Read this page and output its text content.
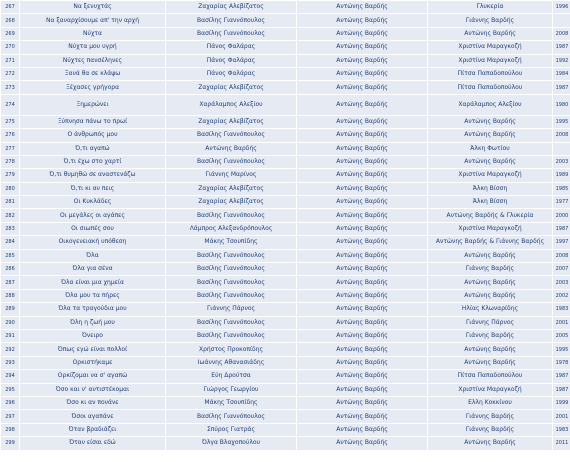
267	Να ξενυχτάς	Ζαχαρίας Αλεβίζατος	Αντώνης Βαρδής	Γλυκερία	1996
268	Να ξαναρχίσουμε απ' την αρχή	Βασίλης Γιαννόπουλος	Αντώνης Βαρδής	Γιάννης Βαρδής	
269	Νύχτα	Βασίλης Γιαννόπουλος	Αντώνης Βαρδής	Αντώνης Βαρδής	2008
270	Νύχτα μου υγρή	Πάνος Φαλάρας	Αντώνης Βαρδής	Χριστίνα Μαραγκοζή	1987
271	Νύχτες πανσέληνες	Πάνος Φαλάρας	Αντώνης Βαρδής	Χριστίνα Μαραγκοζή	1992
272	Ξανά θα σε κλάψω	Πάνος Φαλάρας	Αντώνης Βαρδής	Πίτσα Παπαδοπούλου	1984
273	Ξέχασες γρήγορα	Ζαχαρίας Αλεβίζατος	Αντώνης Βαρδής	Πίτσα Παπαδοπούλου	1987
274	Ξημερώνει	Χαράλαμπος Αλεξίου	Αντώνης Βαρδής	Χαράλαμπος Αλεξίου	1980
275	Ξύπνησα πάνω το πρωί	Ζαχαρίας Αλεβίζατος	Αντώνης Βαρδής	Αντώνης Βαρδής	1995
276	Ο άνθρωπός μου	Βασίλης Γιαννόπουλος	Αντώνης Βαρδής	Αντώνης Βαρδής	2008
277	Ό,τι αγαπώ	Αντώνης Βαρδής	Αντώνης Βαρδής	Άλκη Φωτίου	
278	Ό,τι έχω στο χαρτί	Βασίλης Γιαννόπουλος	Αντώνης Βαρδής	Αντώνης Βαρδής	2003
279	Ό,τι θυμηθώ σε αναστενάζω	Γιάννης Μαρίνος	Αντώνης Βαρδής	Χριστίνα Μαραγκοζή	1989
280	Ό,τι κι αν πεις	Ζαχαρίας Αλεβίζατος	Αντώνης Βαρδής	Άλκη Βίσση	1985
281	Οι Κυκλάδες	Ζαχαρίας Αλεβίζατος	Αντώνης Βαρδής	Άλκη Βίσση	1977
282	Οι μεγάλες οι αγάπες	Βασίλης Γιαννόπουλος	Αντώνης Βαρδής	Αντώνης Βαρδής & Γλυκερία	2000
283	Οι σιωπές σου	Λάμπρος Αλεξανδρόπουλος	Αντώνης Βαρδής	Χριστίνα Μαραγκοζή	1987
284	Οικογενειακή υπόθεση	Μάκης Τσουπίδης	Αντώνης Βαρδής	Αντώνης Βαρδής & Γιάννης Βαρδής	1997
285	Όλα	Βασίλης Γιαννόπουλος	Αντώνης Βαρδής	Αντώνης Βαρδής	2008
286	Όλα για σένα	Βασίλης Γιαννόπουλος	Αντώνης Βαρδής	Γιάννης Βαρδής	2007
287	Όλα είναι μια χημεία	Βασίλης Γιαννόπουλος	Αντώνης Βαρδής	Αντώνης Βαρδής	2003
288	Όλα μου τα πήρες	Βασίλης Γιαννόπουλος	Αντώνης Βαρδής	Αντώνης Βαρδής	2002
289	Όλα τα τραγούδια μου	Γιάννης Πάρνος	Αντώνης Βαρδής	Ηλίας Κλωναρίδης	1983
290	Όλη η ζωή μου	Βασίλης Γιαννόπουλος	Αντώνης Βαρδής	Γιάννης Πάρνος	2001
291	Όνειρο	Βασίλης Γιαννόπουλος	Αντώνης Βαρδής	Γιάννης Βαρδής	2005
292	Όπως εγώ είναι πολλοί	Χρήστος Προκοπίδης	Αντώνης Βαρδής	Αντώνης Βαρδής	1995
293	Ορκιστήκαμε	Ιωάννης Αθανασιάδης	Αντώνης Βαρδής	Αντώνης Βαρδής	1978
294	Ορκίζομαι να σ' αγαπώ	Εύη Δρούτσα	Αντώνης Βαρδής	Πίτσα Παπαδοπούλου	1987
295	Όσο και ν' αντιστέκομαι	Γιώργος Γεωργίου	Αντώνης Βαρδής	Χριστίνα Μαραγκοζή	1987
296	Όσο κι αν πονάνε	Μάκης Τσουπίδης	Αντώνης Βαρδής	Ελλη Κοκκίνου	1999
297	Όσοι αγαπάνε	Βασίλης Γιαννόπουλος	Αντώνης Βαρδής	Γιάννης Βαρδής	2001
298	Όταν βραδιάζει	Σπύρος Γιατράς	Αντώνης Βαρδής	Γιάννης Βαρδής	1983
299	Όταν είσαι εδώ	Όλγα Βλαχοπούλου	Αντώνης Βαρδής	Αντώνης Βαρδής	2011
